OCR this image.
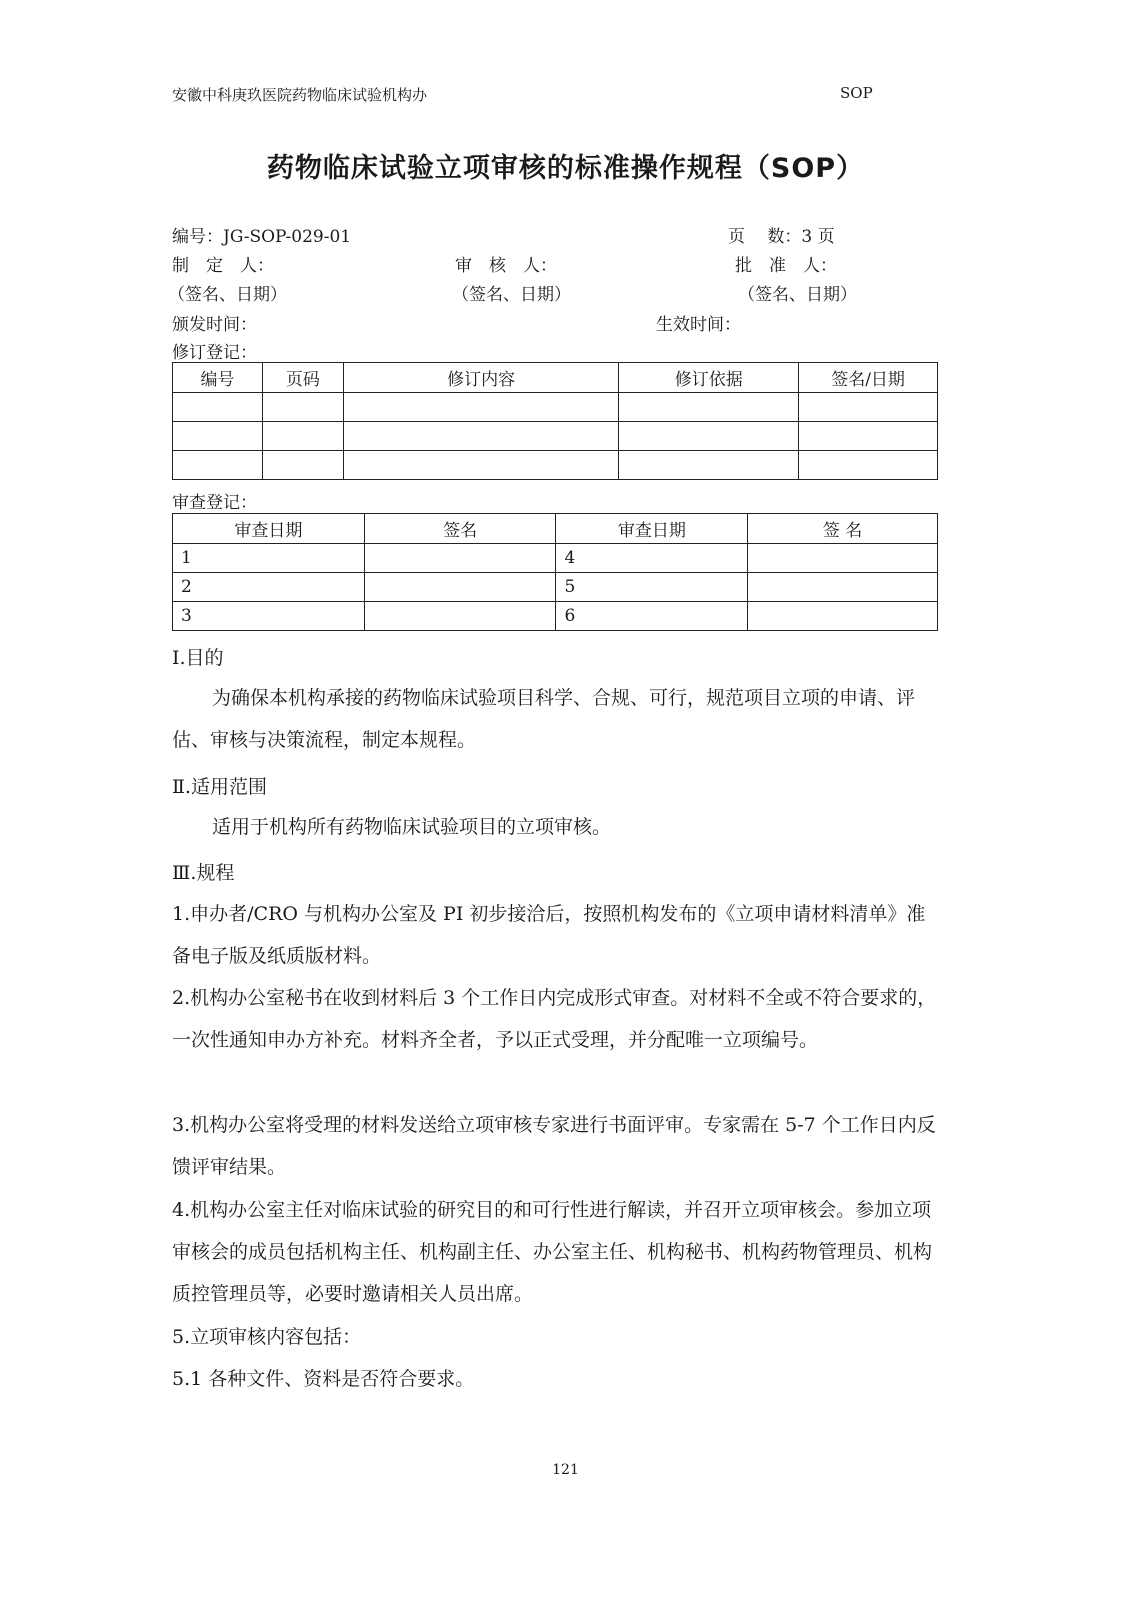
安徽中科庚玖医院药物临床试验机构办	SOP
药物临床试验立项审核的标准操作规程（SOP）
编号：JG-SOP-029-01	页　 数：3 页
制　定　人：	审　核　人：	批　准　人：
（签名、日期）	（签名、日期）	（签名、日期）
颁发时间：	生效时间：
修订登记：
编号	页码	修订内容	修订依据	签名/日期

审查登记：
审查日期	签名	审查日期	签 名
1		4	
2		5	
3		6	
Ⅰ.目的
为确保本机构承接的药物临床试验项目科学、合规、可行，规范项目立项的申请、评估、审核与决策流程，制定本规程。
Ⅱ.适用范围
适用于机构所有药物临床试验项目的立项审核。
Ⅲ.规程
1.申办者/CRO 与机构办公室及 PI 初步接洽后，按照机构发布的《立项申请材料清单》准备电子版及纸质版材料。
2.机构办公室秘书在收到材料后 3 个工作日内完成形式审查。对材料不全或不符合要求的，一次性通知申办方补充。材料齐全者，予以正式受理，并分配唯一立项编号。
3.机构办公室将受理的材料发送给立项审核专家进行书面评审。专家需在 5-7 个工作日内反馈评审结果。
4.机构办公室主任对临床试验的研究目的和可行性进行解读，并召开立项审核会。参加立项审核会的成员包括机构主任、机构副主任、办公室主任、机构秘书、机构药物管理员、机构质控管理员等，必要时邀请相关人员出席。
5.立项审核内容包括：
5.1 各种文件、资料是否符合要求。
121
